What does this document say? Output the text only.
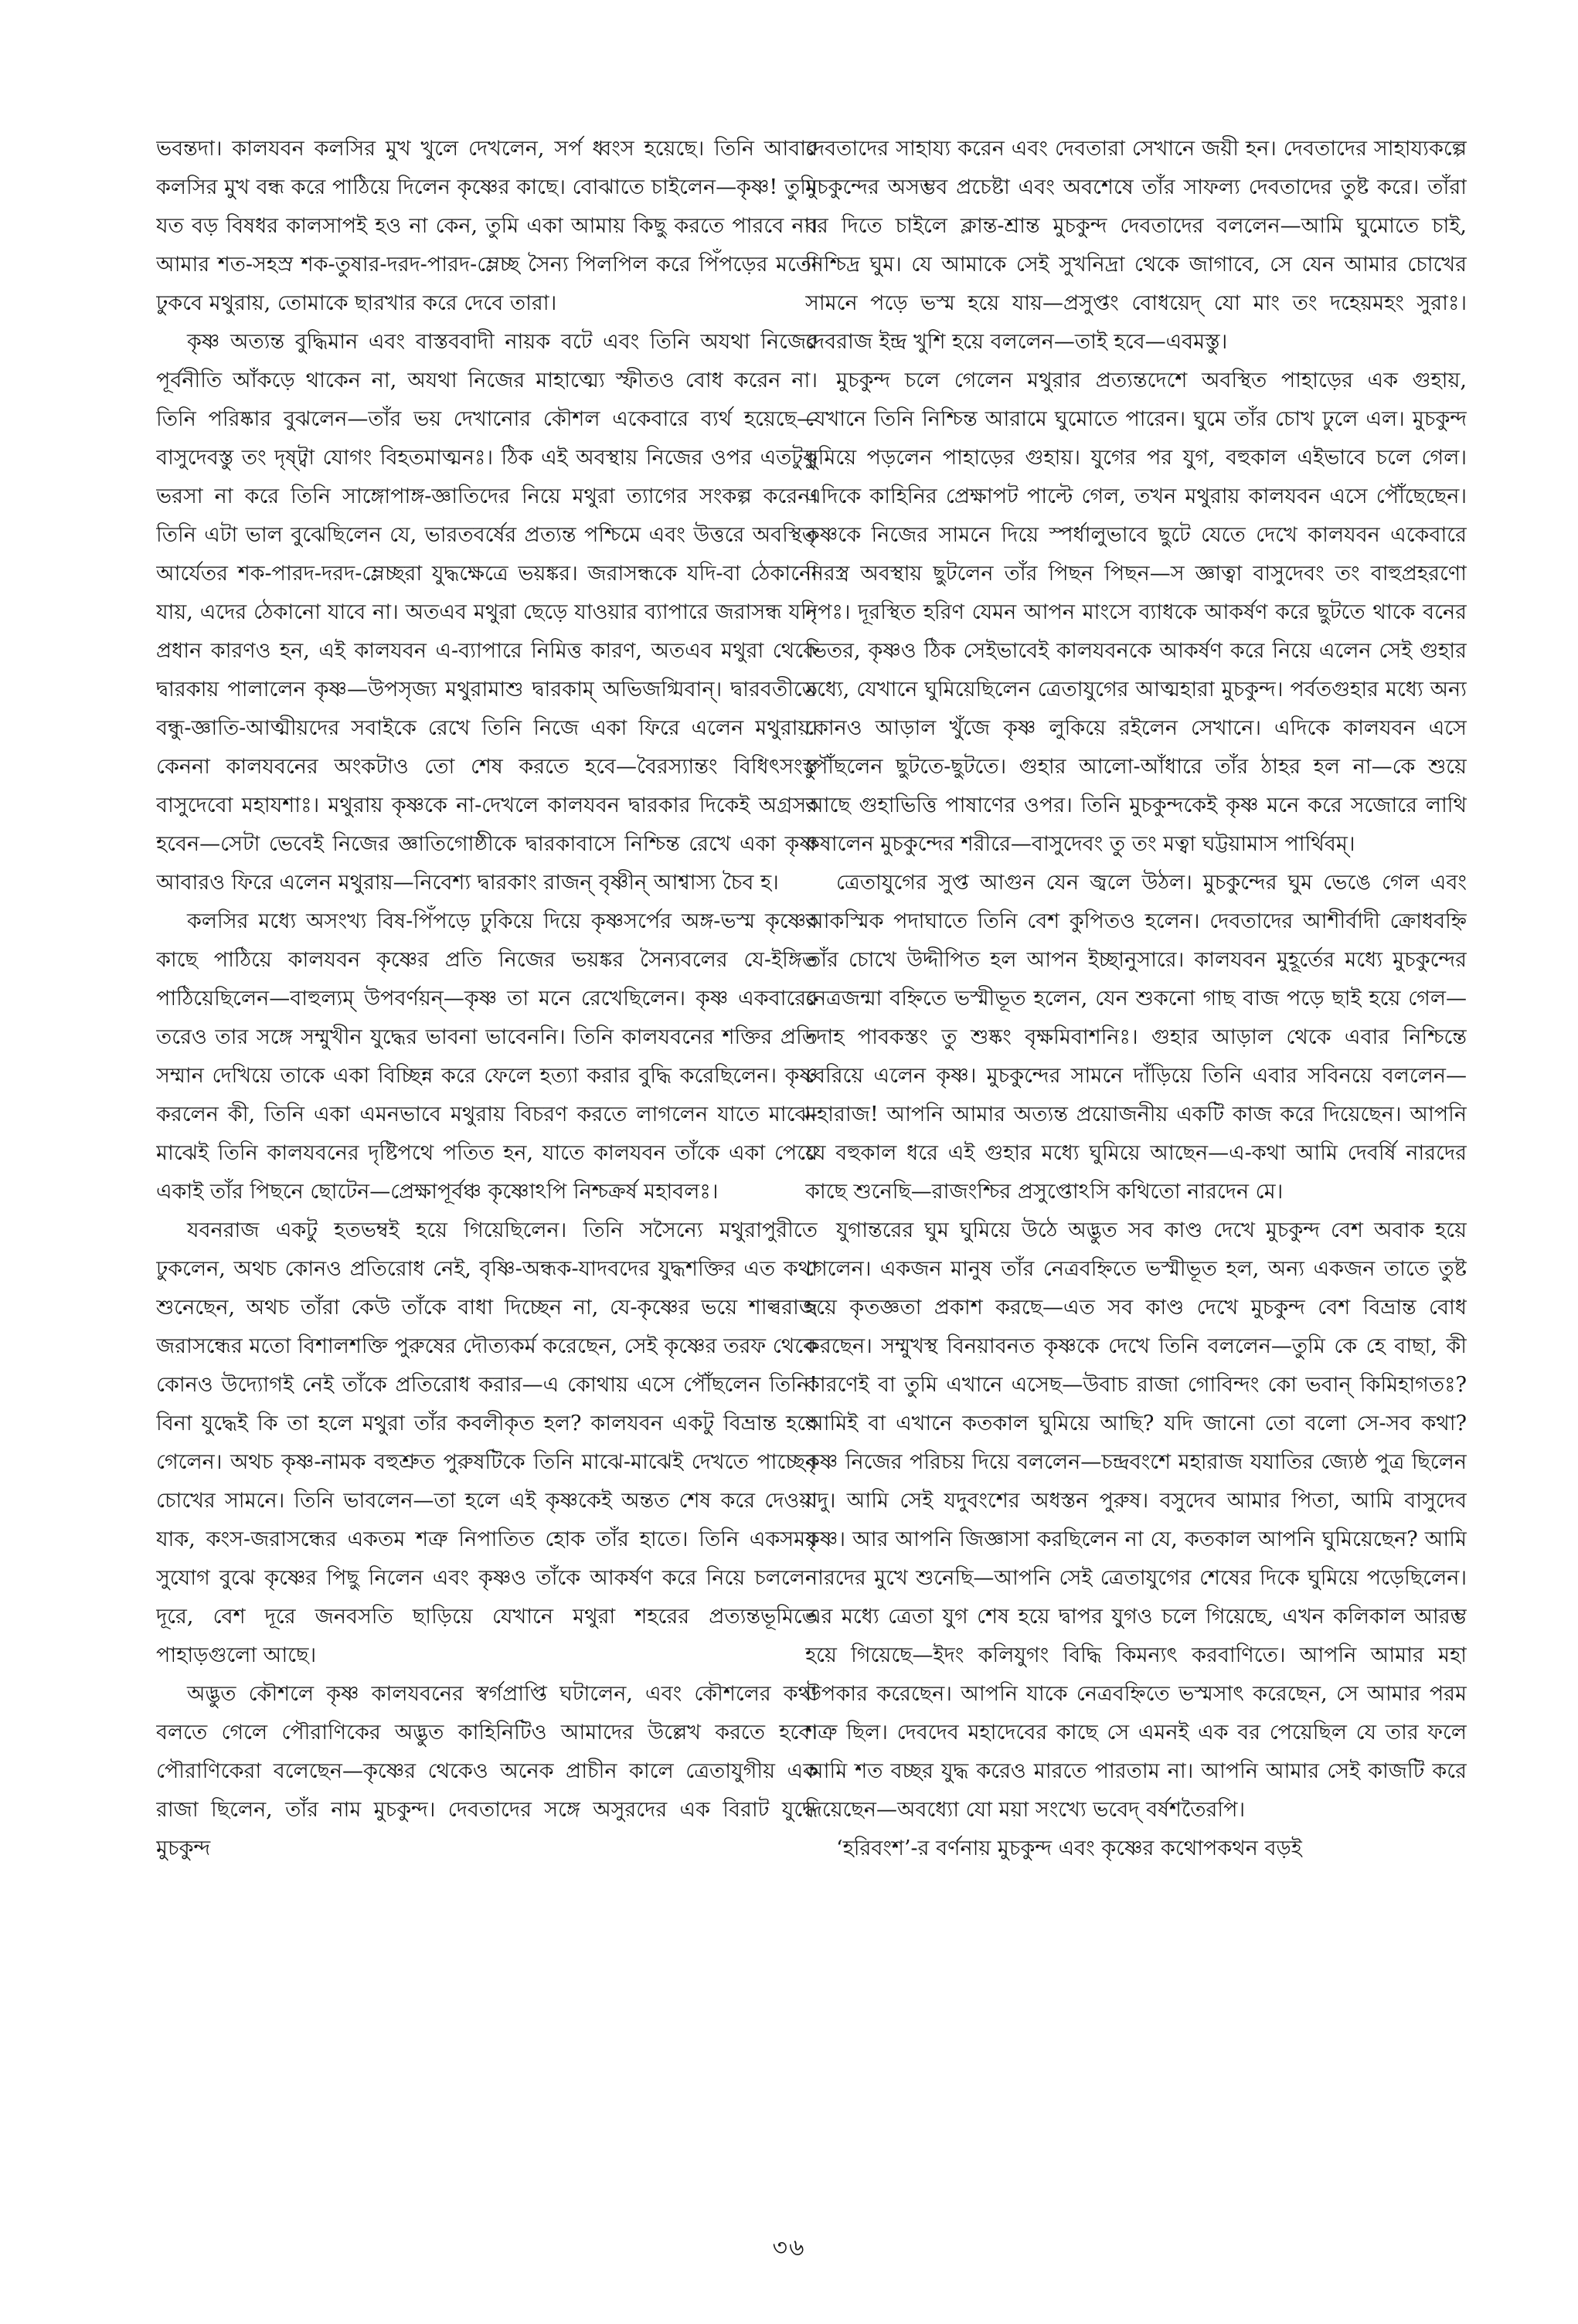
ভবন্তদা। কালযবন কলসির মুখ খুলে দেখলেন, সর্প ধ্বংস হয়েছে। তিনি আবার কলসির মুখ বন্ধ করে পাঠিয়ে দিলেন কৃষ্ণের কাছে। বোঝাতে চাইলেন—কৃষ্ণ! তুমি যত বড় বিষধর কালসাপই হও না কেন, তুমি একা আমায় কিছু করতে পারবে না। আমার শত-সহস্র শক-তুষার-দরদ-পারদ-ম্লেচ্ছ সৈন্য পিলপিল করে পিঁপড়ের মতো ঢুকবে মথুরায়, তোমাকে ছারখার করে দেবে তারা।

কৃষ্ণ অত্যন্ত বুদ্ধিমান এবং বাস্তববাদী নায়ক বটে এবং তিনি অযথা নিজের পূর্বনীতি আঁকড়ে থাকেন না, অযথা নিজের মাহাত্ম্যে স্ফীতও বোধ করেন না। তিনি পরিষ্কার বুঝলেন—তাঁর ভয় দেখানোর কৌশল একেবারে ব্যর্থ হয়েছে—বাসুদেবস্তু তং দৃষ্ট্বা যোগং বিহতমাত্মনঃ। ঠিক এই অবস্থায় নিজের ওপর এতটুকু ভরসা না করে তিনি সাঙ্গোপাঙ্গ-জ্ঞাতিদের নিয়ে মথুরা ত্যাগের সংকল্প করেন। তিনি এটা ভাল বুঝেছিলেন যে, ভারতবর্ষের প্রত্যন্ত পশ্চিমে এবং উত্তরে অবস্থিত আর্যেতর শক-পারদ-দরদ-ম্লেচ্ছরা যুদ্ধক্ষেত্রে ভয়ঙ্কর। জরাসন্ধকে যদি-বা ঠেকানো যায়, এদের ঠেকানো যাবে না। অতএব মথুরা ছেড়ে যাওয়ার ব্যাপারে জরাসন্ধ যদি প্রধান কারণও হন, এই কালযবন এ-ব্যাপারে নিমিত্ত কারণ, অতএব মথুরা থেকে দ্বারকায় পালালেন কৃষ্ণ—উপসৃজ্য মথুরামাশু দ্বারকাম্ অভিজগ্মিবান্। দ্বারবতীতে বন্ধু-জ্ঞাতি-আত্মীয়দের সবাইকে রেখে তিনি নিজে একা ফিরে এলেন মথুরায়। কেননা কালযবনের অংকটাও তো শেষ করতে হবে—বৈরস্যান্তং বিধিৎসংস্তু বাসুদেবো মহাযশাঃ। মথুরায় কৃষ্ণকে না-দেখলে কালযবন দ্বারকার দিকেই অগ্রসর হবেন—সেটা ভেবেই নিজের জ্ঞাতিগোষ্ঠীকে দ্বারকাবাসে নিশ্চিন্ত রেখে একা কৃষ্ণ আবারও ফিরে এলেন মথুরায়—নিবেশ্য দ্বারকাং রাজন্ বৃষ্ণীন্ আশ্বাস্য চৈব হ।

কলসির মধ্যে অসংখ্য বিষ-পিঁপড়ে ঢুকিয়ে দিয়ে কৃষ্ণসর্পের অঙ্গ-ভস্ম কৃষ্ণের কাছে পাঠিয়ে কালযবন কৃষ্ণের প্রতি নিজের ভয়ঙ্কর সৈন্যবলের যে-ইঙ্গিত পাঠিয়েছিলেন—বাহুল্যম্ উপবর্ণয়ন্—কৃষ্ণ তা মনে রেখেছিলেন। কৃষ্ণ একবারের তরেও তার সঙ্গে সম্মুখীন যুদ্ধের ভাবনা ভাবেননি। তিনি কালযবনের শক্তির প্রতি সম্মান দেখিয়ে তাকে একা বিচ্ছিন্ন করে ফেলে হত্যা করার বুদ্ধি করেছিলেন। কৃষ্ণ করলেন কী, তিনি একা এমনভাবে মথুরায় বিচরণ করতে লাগলেন যাতে মাঝে-মাঝেই তিনি কালযবনের দৃষ্টিপথে পতিত হন, যাতে কালযবন তাঁকে একা পেয়ে একাই তাঁর পিছনে ছোটেন—প্রেক্ষাপূর্বঞ্চ কৃষ্ণোঽপি নিশ্চক্রর্ষ মহাবলঃ।

যবনরাজ একটু হতভম্বই হয়ে গিয়েছিলেন। তিনি সসৈন্যে মথুরাপুরীতে ঢুকলেন, অথচ কোনও প্রতিরোধ নেই, বৃষ্ণি-অন্ধক-যাদবদের যুদ্ধশক্তির এত কথা শুনেছেন, অথচ তাঁরা কেউ তাঁকে বাধা দিচ্ছেন না, যে-কৃষ্ণের ভয়ে শাল্বরাজ জরাসন্ধের মতো বিশালশক্তি পুরুষের দৌত্যকর্ম করেছেন, সেই কৃষ্ণের তরফ থেকে কোনও উদ্যোগই নেই তাঁকে প্রতিরোধ করার—এ কোথায় এসে পৌঁছলেন তিনি! বিনা যুদ্ধেই কি তা হলে মথুরা তাঁর কবলীকৃত হল? কালযবন একটু বিভ্রান্ত হয়ে গেলেন। অথচ কৃষ্ণ-নামক বহুশ্রুত পুরুষটিকে তিনি মাঝে-মাঝেই দেখতে পাচ্ছেন চোখের সামনে। তিনি ভাবলেন—তা হলে এই কৃষ্ণকেই অন্তত শেষ করে দেওয়া যাক, কংস-জরাসন্ধের একতম শত্রু নিপাতিত হোক তাঁর হাতে। তিনি একসময় সুযোগ বুঝে কৃষ্ণের পিছু নিলেন এবং কৃষ্ণও তাঁকে আকর্ষণ করে নিয়ে চললেন দূরে, বেশ দূরে জনবসতি ছাড়িয়ে যেখানে মথুরা শহরের প্রত্যন্তভূমিতে পাহাড়গুলো আছে।

অদ্ভুত কৌশলে কৃষ্ণ কালযবনের স্বর্গপ্রাপ্তি ঘটালেন, এবং কৌশলের কথা বলতে গেলে পৌরাণিকের অদ্ভুত কাহিনিটিও আমাদের উল্লেখ করতে হবে। পৌরাণিকেরা বলেছেন—কৃষ্ণের থেকেও অনেক প্রাচীন কালে ত্রেতাযুগীয় এক রাজা ছিলেন, তাঁর নাম মুচকুন্দ। দেবতাদের সঙ্গে অসুরদের এক বিরাট যুদ্ধে মুচকুন্দ

দেবতাদের সাহায্য করেন এবং দেবতারা সেখানে জয়ী হন। দেবতাদের সাহায্যকল্পে মুচকুন্দের অসম্ভব প্রচেষ্টা এবং অবশেষে তাঁর সাফল্য দেবতাদের তুষ্ট করে। তাঁরা বর দিতে চাইলে ক্লান্ত-শ্রান্ত মুচকুন্দ দেবতাদের বললেন—আমি ঘুমোতে চাই, নিশ্চিদ্র ঘুম। যে আমাকে সেই সুখনিদ্রা থেকে জাগাবে, সে যেন আমার চোখের সামনে পড়ে ভস্ম হয়ে যায়—প্রসুপ্তং বোধয়েদ্ যো মাং তং দহেয়মহং সুরাঃ। দেবরাজ ইন্দ্র খুশি হয়ে বললেন—তাই হবে—এবমস্তু।

মুচকুন্দ চলে গেলেন মথুরার প্রত্যন্তদেশে অবস্থিত পাহাড়ের এক গুহায়, যেখানে তিনি নিশ্চিন্ত আরামে ঘুমোতে পারেন। ঘুমে তাঁর চোখ ঢুলে এল। মুচকুন্দ ঘুমিয়ে পড়লেন পাহাড়ের গুহায়। যুগের পর যুগ, বহুকাল এইভাবে চলে গেল। এদিকে কাহিনির প্রেক্ষাপট পাল্টে গেল, তখন মথুরায় কালযবন এসে পৌঁছেছেন। কৃষ্ণকে নিজের সামনে দিয়ে স্পর্ধালুভাবে ছুটে যেতে দেখে কালযবন একেবারে নিরস্ত্র অবস্থায় ছুটলেন তাঁর পিছন পিছন—স জ্ঞাত্বা বাসুদেবং তং বাহুপ্রহরণো নৃপঃ। দূরস্থিত হরিণ যেমন আপন মাংসে ব্যাধকে আকর্ষণ করে ছুটতে থাকে বনের ভিতর, কৃষ্ণও ঠিক সেইভাবেই কালযবনকে আকর্ষণ করে নিয়ে এলেন সেই গুহার মধ্যে, যেখানে ঘুমিয়েছিলেন ত্রেতাযুগের আত্মহারা মুচকুন্দ। পর্বতগুহার মধ্যে অন্য কোনও আড়াল খুঁজে কৃষ্ণ লুকিয়ে রইলেন সেখানে। এদিকে কালযবন এসে পৌঁছলেন ছুটতে-ছুটতে। গুহার আলো-আঁধারে তাঁর ঠাহর হল না—কে শুয়ে আছে গুহাভিত্তি পাষাণের ওপর। তিনি মুচকুন্দকেই কৃষ্ণ মনে করে সজোরে লাথি কষালেন মুচকুন্দের শরীরে—বাসুদেবং তু তং মত্বা ঘট্টয়ামাস পার্থিবম্।

ত্রেতাযুগের সুপ্ত আগুন যেন জ্বলে উঠল। মুচকুন্দের ঘুম ভেঙে গেল এবং আকস্মিক পদাঘাতে তিনি বেশ কুপিতও হলেন। দেবতাদের আশীর্বাদী ক্রোধবহ্নি তাঁর চোখে উদ্দীপিত হল আপন ইচ্ছানুসারে। কালযবন মুহূর্তের মধ্যে মুচকুন্দের নেত্রজন্মা বহ্নিতে ভস্মীভূত হলেন, যেন শুকনো গাছ বাজ পড়ে ছাই হয়ে গেল—দদাহ পাবকস্তং তু শুষ্কং বৃক্ষমিবাশনিঃ। গুহার আড়াল থেকে এবার নিশ্চিন্তে বেরিয়ে এলেন কৃষ্ণ। মুচকুন্দের সামনে দাঁড়িয়ে তিনি এবার সবিনয়ে বললেন—মহারাজ! আপনি আমার অত্যন্ত প্রয়োজনীয় একটি কাজ করে দিয়েছেন। আপনি যে বহুকাল ধরে এই গুহার মধ্যে ঘুমিয়ে আছেন—এ-কথা আমি দেবর্ষি নারদের কাছে শুনেছি—রাজংশ্চির প্রসুপ্তোঽসি কথিতো নারদেন মে।

যুগান্তরের ঘুম ঘুমিয়ে উঠে অদ্ভুত সব কাণ্ড দেখে মুচকুন্দ বেশ অবাক হয়ে গেলেন। একজন মানুষ তাঁর নেত্রবহ্নিতে ভস্মীভূত হল, অন্য একজন তাতে তুষ্ট হয়ে কৃতজ্ঞতা প্রকাশ করছে—এত সব কাণ্ড দেখে মুচকুন্দ বেশ বিভ্রান্ত বোধ করছেন। সম্মুখস্থ বিনয়াবনত কৃষ্ণকে দেখে তিনি বললেন—তুমি কে হে বাছা, কী কারণেই বা তুমি এখানে এসেছ—উবাচ রাজা গোবিন্দং কো ভবান্ কিমিহাগতঃ? আমিই বা এখানে কতকাল ঘুমিয়ে আছি? যদি জানো তো বলো সে-সব কথা? কৃষ্ণ নিজের পরিচয় দিয়ে বললেন—চন্দ্রবংশে মহারাজ যযাতির জ্যেষ্ঠ পুত্র ছিলেন যদু। আমি সেই যদুবংশের অধস্তন পুরুষ। বসুদেব আমার পিতা, আমি বাসুদেব কৃষ্ণ। আর আপনি জিজ্ঞাসা করছিলেন না যে, কতকাল আপনি ঘুমিয়েছেন? আমি নারদের মুখে শুনেছি—আপনি সেই ত্রেতাযুগের শেষের দিকে ঘুমিয়ে পড়েছিলেন। এর মধ্যে ত্রেতা যুগ শেষ হয়ে দ্বাপর যুগও চলে গিয়েছে, এখন কলিকাল আরম্ভ হয়ে গিয়েছে—ইদং কলিযুগং বিদ্ধি কিমন্যৎ করবাণিতে। আপনি আমার মহা উপকার করেছেন। আপনি যাকে নেত্রবহ্নিতে ভস্মসাৎ করেছেন, সে আমার পরম শত্রু ছিল। দেবদেব মহাদেবের কাছে সে এমনই এক বর পেয়েছিল যে তার ফলে আমি শত বচ্ছর যুদ্ধ করেও মারতে পারতাম না। আপনি আমার সেই কাজটি করে দিয়েছেন—অবধ্যো যো ময়া সংখ্যে ভবেদ্ বর্ষশতৈরপি।

‘হরিবংশ’-র বর্ণনায় মুচকুন্দ এবং কৃষ্ণের কথোপকথন বড়ই

৩৬
